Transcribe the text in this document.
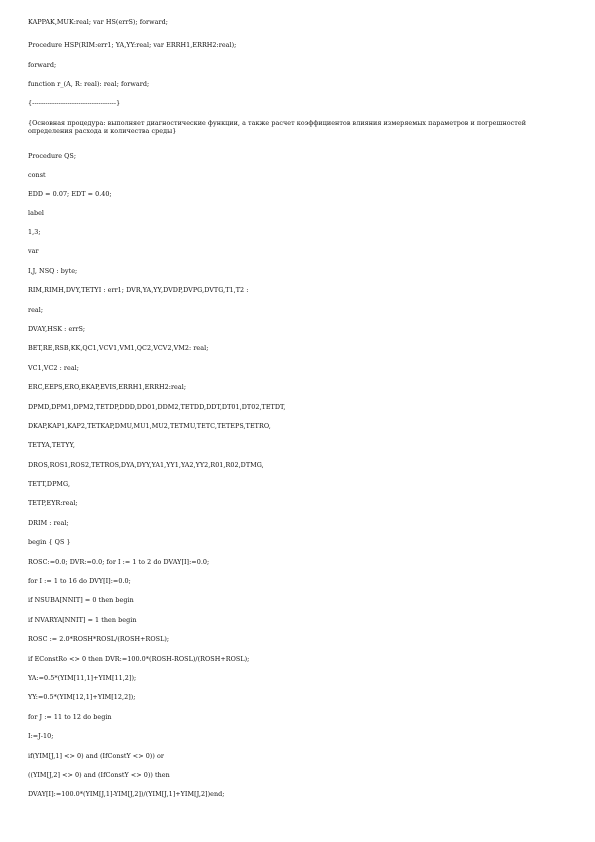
KAPPAK,MUK:real; var HS(errS); forward;
Procedure HSP(RIM:err1; YA,YY:real; var ERRH1,ERRH2:real);
forward;
function r_(A, R: real): real; forward;
{--------------------------------------}
{Основная процедура: выполняет диагностические функции, а также расчет коэффициентов влияния измеряемых параметров и погрешностей определения расхода и количества среды}
Procedure QS;
const
EDD = 0.07; EDT = 0.40;
label
1,3;
var
I,J, NSQ : byte;
RIM,RIMH,DVY,TETYI : err1; DVR,YA,YY,DVDP,DVPG,DVTG,T1,T2 :
real;
DVAY,HSK : errS;
BET,RE,RSB,KK,QC1,VCV1,VM1,QC2,VCV2,VM2: real;
VC1,VC2 : real;
ERC,EEPS,ERO,EKAP,EVIS,ERRH1,ERRH2:real;
DPMD,DPM1,DPM2,TETDP,DDD,DD01,DDM2,TETDD,DDT,DT01,DT02,TETDT,
DKAP,KAP1,KAP2,TETKAP,DMU,MU1,MU2,TETMU,TETC,TETEPS,TETRO,
TETYA,TETYY,
DROS,ROS1,ROS2,TETROS,DYA,DYY,YA1,YY1,YA2,YY2,R01,R02,DTMG,
TETT,DPMG,
TETP,EYR:real;
DRIM : real;
begin { QS }
ROSC:=0.0; DVR:=0.0; for I := 1 to 2 do DVAY[I]:=0.0;
for I := 1 to 16 do DVY[I]:=0.0;
if NSUBA[NNIT] = 0 then begin
if NVARYA[NNIT] = 1 then begin
ROSC := 2.0*ROSH*ROSL/(ROSH+ROSL);
if EConstRo <> 0 then DVR:=100.0*(ROSH-ROSL)/(ROSH+ROSL);
YA:=0.5*(YIM[11,1]+YIM[11,2]);
YY:=0.5*(YIM[12,1]+YIM[12,2]);
for J := 11 to 12 do begin
I:=J-10;
if(YIM[J,1] <> 0) and (IfConstY <> 0)) or
((YIM[J,2] <> 0) and (IfConstY <> 0)) then
DVAY[I]:=100.0*(YIM[J,1]-YIM[J,2])/(YIM[J,1]+YIM[J,2])end;
